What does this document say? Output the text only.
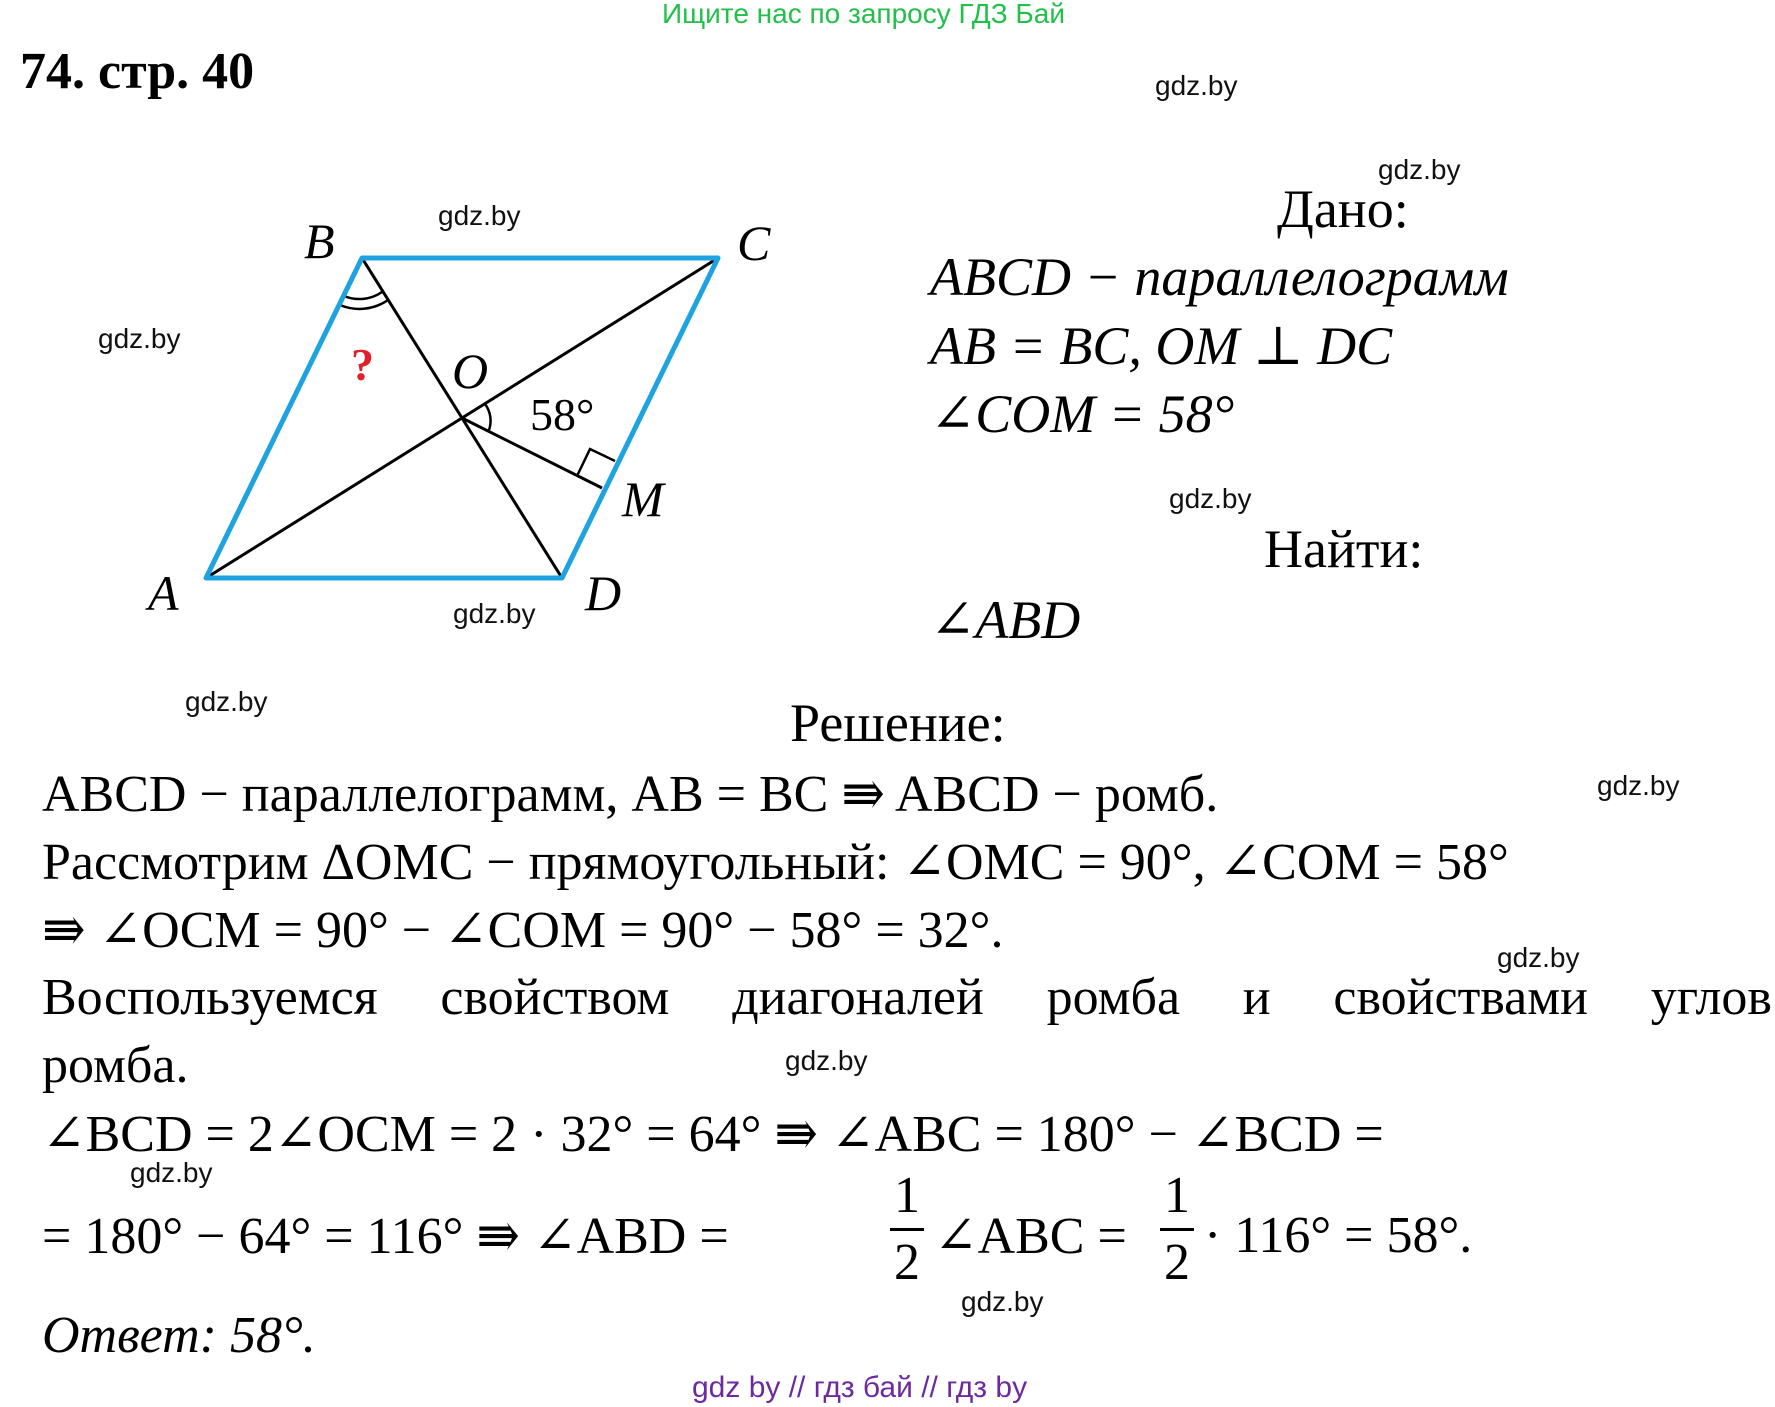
Ищите нас по запросу ГДЗ Бай
74. стр. 40	gdz.by
gdz.by
gdz.by
gdz.by
gdz.by
gdz.by
gdz.by
gdz.by
gdz.by
gdz.by
gdz.by
gdz.by
B	C
A	D
O
M
?
58°
Дано:
ABCD − параллелограмм
AB = BC, OM ⊥ DC
∠COM = 58°
Найти:
∠ABD
Решение:
ABCD − параллелограмм, AB = BC ⇛ ABCD − ромб.
Рассмотрим ΔOMC − прямоугольный: ∠OMC = 90°, ∠COM = 58°
⇛ ∠OCM = 90° − ∠COM = 90° − 58° = 32°.
Воспользуемся свойством диагоналей ромба и свойствами углов
ромба.
∠BCD = 2∠OCM = 2 · 32° = 64° ⇛ ∠ABC = 180° − ∠BCD =
= 180° − 64° = 116° ⇛ ∠ABD =
1
2 ∠ABC =
1
2 · 116° = 58°.
Ответ: 58°.
gdz by // гдз бай // гдз by
